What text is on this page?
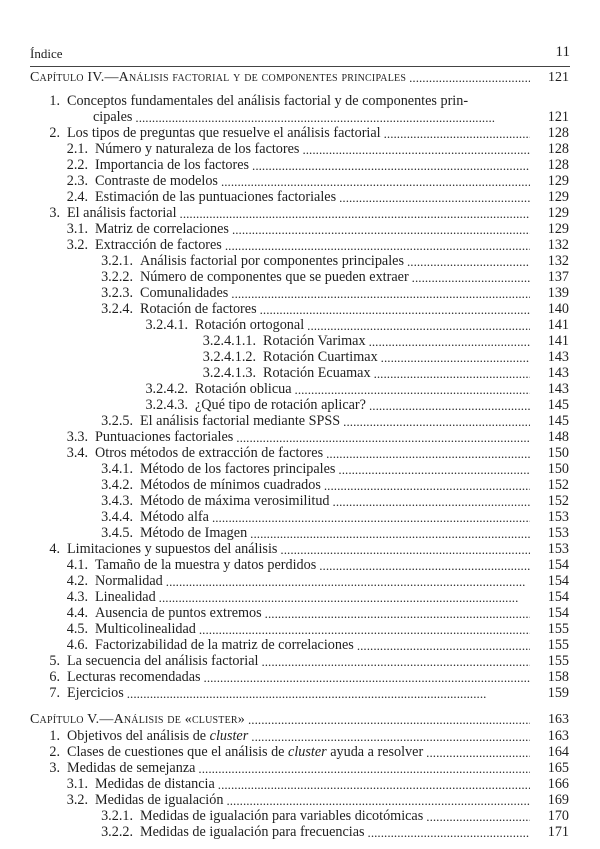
Índice	11
Capítulo IV.—Análisis factorial y de componentes principales . . .	121
1. Conceptos fundamentales del análisis factorial y de componentes prin-
cipales . . .	121
2. Los tipos de preguntas que resuelve el análisis factorial . . .	128
2.1. Número y naturaleza de los factores . . .	128
2.2. Importancia de los factores . . .	128
2.3. Contraste de modelos . . .	129
2.4. Estimación de las puntuaciones factoriales . . .	129
3. El análisis factorial . . .	129
3.1. Matriz de correlaciones . . .	129
3.2. Extracción de factores . . .	132
3.2.1. Análisis factorial por componentes principales . . .	132
3.2.2. Número de componentes que se pueden extraer . . .	137
3.2.3. Comunalidades . . .	139
3.2.4. Rotación de factores . . .	140
3.2.4.1. Rotación ortogonal . . .	141
3.2.4.1.1. Rotación Varimax . . .	141
3.2.4.1.2. Rotación Cuartimax . . .	143
3.2.4.1.3. Rotación Ecuamax . . .	143
3.2.4.2. Rotación oblicua . . .	143
3.2.4.3. ¿Qué tipo de rotación aplicar? . . .	145
3.2.5. El análisis factorial mediante SPSS . . .	145
3.3. Puntuaciones factoriales . . .	148
3.4. Otros métodos de extracción de factores . . .	150
3.4.1. Método de los factores principales . . .	150
3.4.2. Métodos de mínimos cuadrados . . .	152
3.4.3. Método de máxima verosimilitud . . .	152
3.4.4. Método alfa . . .	153
3.4.5. Método de Imagen . . .	153
4. Limitaciones y supuestos del análisis . . .	153
4.1. Tamaño de la muestra y datos perdidos . . .	154
4.2. Normalidad . . .	154
4.3. Linealidad . . .	154
4.4. Ausencia de puntos extremos . . .	154
4.5. Multicolinealidad . . .	155
4.6. Factorizabilidad de la matriz de correlaciones . . .	155
5. La secuencia del análisis factorial . . .	155
6. Lecturas recomendadas . . .	158
7. Ejercicios . . .	159
Capítulo V.—Análisis de «cluster» . . .	163
1. Objetivos del análisis de cluster . . .	163
2. Clases de cuestiones que el análisis de cluster ayuda a resolver . . .	164
3. Medidas de semejanza . . .	165
3.1. Medidas de distancia . . .	166
3.2. Medidas de igualación . . .	169
3.2.1. Medidas de igualación para variables dicotómicas . . .	170
3.2.2. Medidas de igualación para frecuencias . . .	171
